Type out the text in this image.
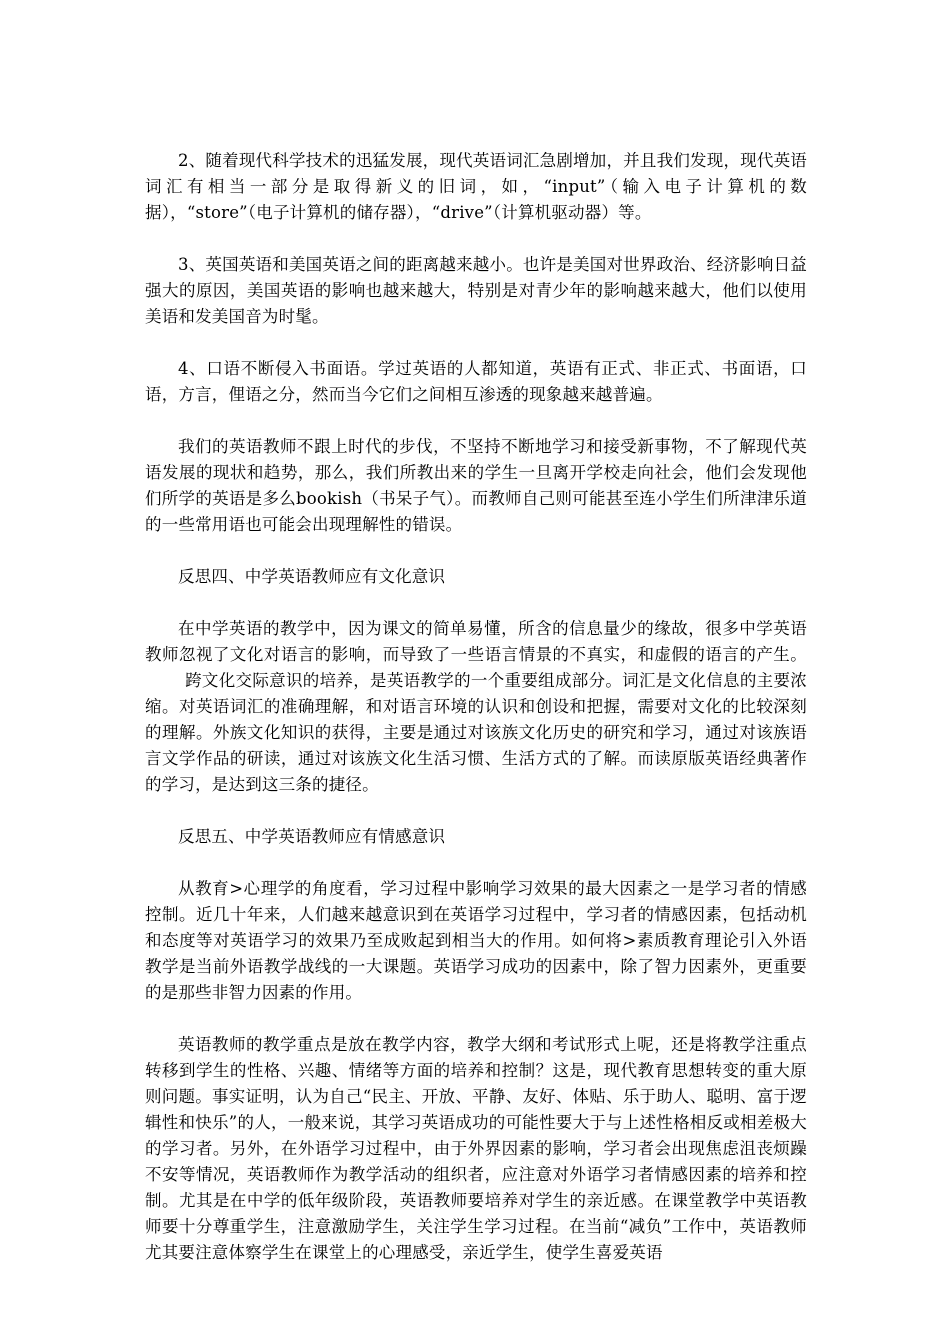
2、随着现代科学技术的迅猛发展，现代英语词汇急剧增加，并且我们发现，现代英语词汇有相当一部分是取得新义的旧词，如，“input”（输入电子计算机的数据），“store”（电子计算机的储存器），“drive”（计算机驱动器）等。

3、英国英语和美国英语之间的距离越来越小。也许是美国对世界政治、经济影响日益强大的原因，美国英语的影响也越来越大，特别是对青少年的影响越来越大，他们以使用美语和发美国音为时髦。

4、口语不断侵入书面语。学过英语的人都知道，英语有正式、非正式、书面语，口语，方言，俚语之分，然而当今它们之间相互渗透的现象越来越普遍。

我们的英语教师不跟上时代的步伐，不坚持不断地学习和接受新事物，不了解现代英语发展的现状和趋势，那么，我们所教出来的学生一旦离开学校走向社会，他们会发现他们所学的英语是多么bookish（书呆子气）。而教师自己则可能甚至连小学生们所津津乐道的一些常用语也可能会出现理解性的错误。

反思四、中学英语教师应有文化意识

在中学英语的教学中，因为课文的简单易懂，所含的信息量少的缘故，很多中学英语教师忽视了文化对语言的影响，而导致了一些语言情景的不真实，和虚假的语言的产生。跨文化交际意识的培养，是英语教学的一个重要组成部分。词汇是文化信息的主要浓缩。对英语词汇的准确理解，和对语言环境的认识和创设和把握，需要对文化的比较深刻的理解。外族文化知识的获得，主要是通过对该族文化历史的研究和学习，通过对该族语言文学作品的研读，通过对该族文化生活习惯、生活方式的了解。而读原版英语经典著作的学习，是达到这三条的捷径。

反思五、中学英语教师应有情感意识

从教育>心理学的角度看，学习过程中影响学习效果的最大因素之一是学习者的情感控制。近几十年来，人们越来越意识到在英语学习过程中，学习者的情感因素，包括动机和态度等对英语学习的效果乃至成败起到相当大的作用。如何将>素质教育理论引入外语教学是当前外语教学战线的一大课题。英语学习成功的因素中，除了智力因素外，更重要的是那些非智力因素的作用。

英语教师的教学重点是放在教学内容，教学大纲和考试形式上呢，还是将教学注重点转移到学生的性格、兴趣、情绪等方面的培养和控制？这是，现代教育思想转变的重大原则问题。事实证明，认为自己“民主、开放、平静、友好、体贴、乐于助人、聪明、富于逻辑性和快乐”的人，一般来说，其学习英语成功的可能性要大于与上述性格相反或相差极大的学习者。另外，在外语学习过程中，由于外界因素的影响，学习者会出现焦虑沮丧烦躁不安等情况，英语教师作为教学活动的组织者，应注意对外语学习者情感因素的培养和控制。尤其是在中学的低年级阶段，英语教师要培养对学生的亲近感。在课堂教学中英语教师要十分尊重学生，注意激励学生，关注学生学习过程。在当前“减负”工作中，英语教师尤其要注意体察学生在课堂上的心理感受，亲近学生，使学生喜爱英语
